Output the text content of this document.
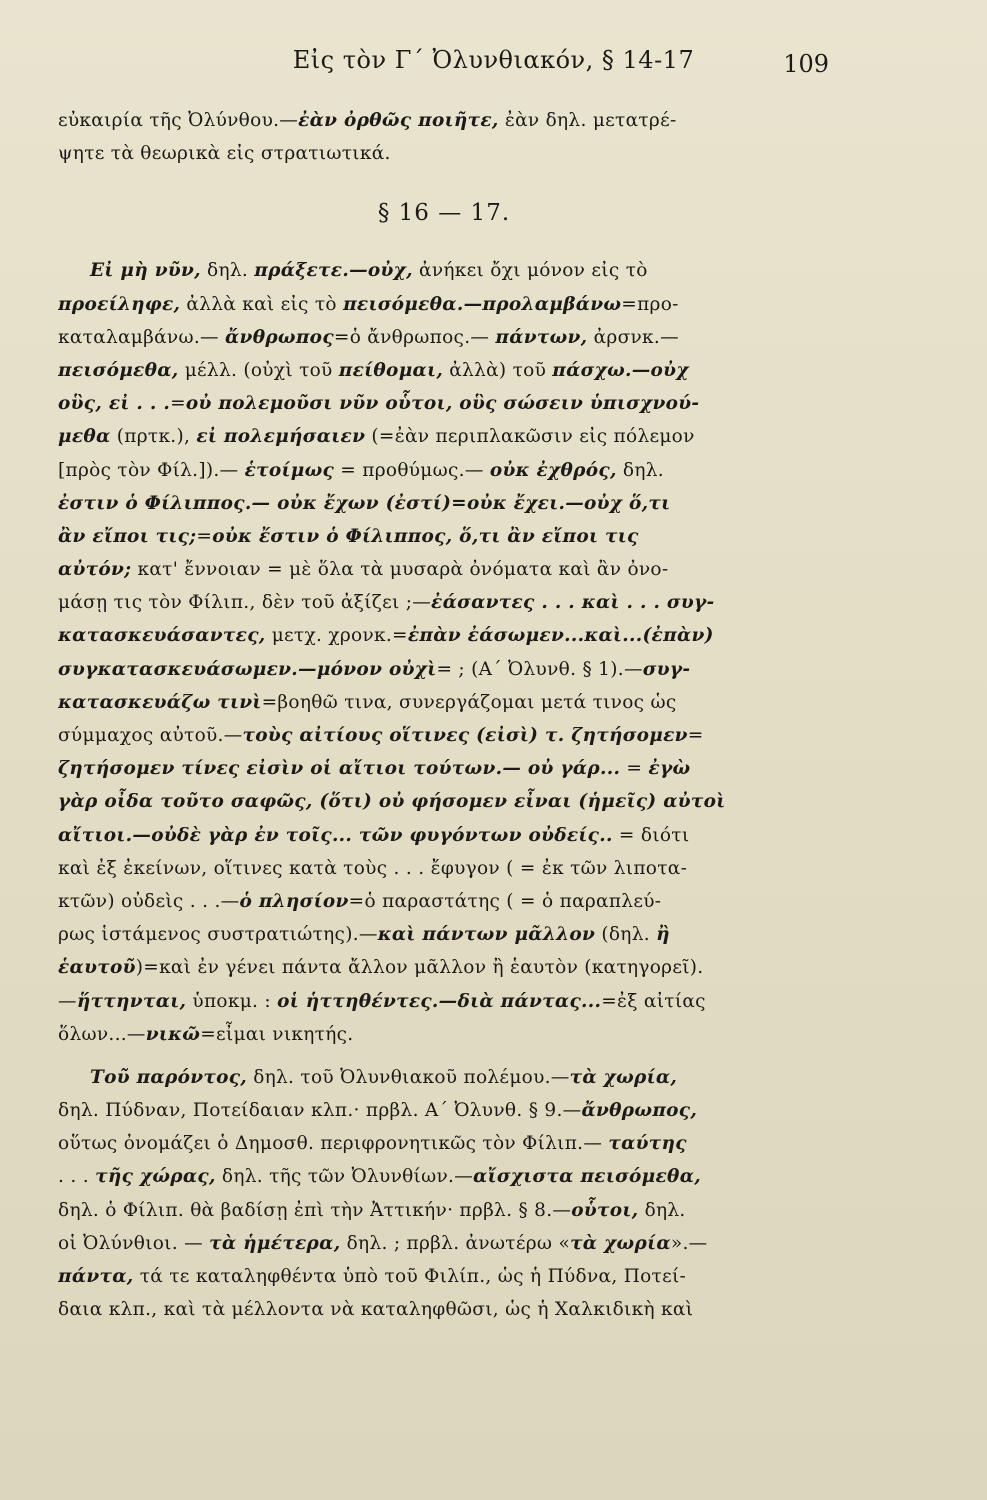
Εἰς τὸν Γ΄ Ὀλυνθιακόν, § 14-17	109
εὐκαιρία τῆς Ὀλύνθου.—ἐὰν ὀρθῶς ποιῆτε, ἐὰν δηλ. μετατρέ-
ψητε τὰ θεωρικὰ εἰς στρατιωτικά.
§ 16 — 17.
Εἰ μὴ νῦν, δηλ. πράξετε.—οὐχ, ἀνήκει ὄχι μόνον εἰς τὸ
προείληφε, ἀλλὰ καὶ εἰς τὸ πεισόμεθα.—προλαμβάνω=προ-
καταλαμβάνω.— ἄνθρωπος=ὁ ἄνθρωπος.— πάντων, ἀρσνκ.—
πεισόμεθα, μέλλ. (οὐχὶ τοῦ πείθομαι, ἀλλὰ) τοῦ πάσχω.—οὐχ
οὓς, εἰ . . .=οὐ πολεμοῦσι νῦν οὗτοι, οὓς σώσειν ὑπισχνού-
μεθα (πρτκ.), εἰ πολεμήσαιεν (=ἐὰν περιπλακῶσιν εἰς πόλεμον
[πρὸς τὸν Φίλ.]).— ἑτοίμως = προθύμως.— οὐκ ἐχθρός, δηλ.
ἐστιν ὁ Φίλιππος.— οὐκ ἔχων (ἐστί)=οὐκ ἔχει.—οὐχ ὅ,τι
ἂν εἴποι τις;=οὐκ ἔστιν ὁ Φίλιππος, ὅ,τι ἂν εἴποι τις
αὐτόν; κατ' ἔννοιαν = μὲ ὅλα τὰ μυσαρὰ ὀνόματα καὶ ἂν ὀνο-
μάσῃ τις τὸν Φίλιπ., δὲν τοῦ ἀξίζει ;—ἐάσαντες . . . καὶ . . . συγ-
κατασκευάσαντες, μετχ. χρονκ.=ἐπὰν ἐάσωμεν...καὶ...(ἐπὰν)
συγκατασκευάσωμεν.—μόνον οὐχὶ= ; (Α΄ Ὀλυνθ. § 1).—συγ-
κατασκευάζω τινὶ=βοηθῶ τινα, συνεργάζομαι μετά τινος ὡς
σύμμαχος αὐτοῦ.—τοὺς αἰτίους οἵτινες (εἰσὶ) τ. ζητήσομεν=
ζητήσομεν τίνες εἰσὶν οἱ αἴτιοι τούτων.— οὐ γάρ... = ἐγὼ
γὰρ οἶδα τοῦτο σαφῶς, (ὅτι) οὐ φήσομεν εἶναι (ἡμεῖς) αὐτοὶ
αἴτιοι.—οὐδὲ γὰρ ἐν τοῖς... τῶν φυγόντων οὐδείς.. = διότι
καὶ ἐξ ἐκείνων, οἵτινες κατὰ τοὺς . . . ἔφυγον ( = ἐκ τῶν λιποτα-
κτῶν) οὐδεὶς . . .—ὁ πλησίον=ὁ παραστάτης ( = ὁ παραπλεύ-
ρως ἱστάμενος συστρατιώτης).—καὶ πάντων μᾶλλον (δηλ. ἢ
ἑαυτοῦ)=καὶ ἐν γένει πάντα ἄλλον μᾶλλον ἢ ἑαυτὸν (κατηγορεῖ).
—ἥττηνται, ὑποκμ. : οἱ ἡττηθέντες.—διὰ πάντας...=ἐξ αἰτίας
ὅλων...—νικῶ=εἶμαι νικητής.
Τοῦ παρόντος, δηλ. τοῦ Ὀλυνθιακοῦ πολέμου.—τὰ χωρία,
δηλ. Πύδναν, Ποτείδαιαν κλπ.· πρβλ. Α΄ Ὀλυνθ. § 9.—ἄνθρωπος,
οὕτως ὀνομάζει ὁ Δημοσθ. περιφρονητικῶς τὸν Φίλιπ.— ταύτης
. . . τῆς χώρας, δηλ. τῆς τῶν Ὀλυνθίων.—αἴσχιστα πεισόμεθα,
δηλ. ὁ Φίλιπ. θὰ βαδίσῃ ἐπὶ τὴν Ἀττικήν· πρβλ. § 8.—οὗτοι, δηλ.
οἱ Ὀλύνθιοι. — τὰ ἡμέτερα, δηλ. ; πρβλ. ἀνωτέρω «τὰ χωρία».—
πάντα, τά τε καταληφθέντα ὑπὸ τοῦ Φιλίπ., ὡς ἡ Πύδνα, Ποτεί-
δαια κλπ., καὶ τὰ μέλλοντα νὰ καταληφθῶσι, ὡς ἡ Χαλκιδικὴ καὶ
